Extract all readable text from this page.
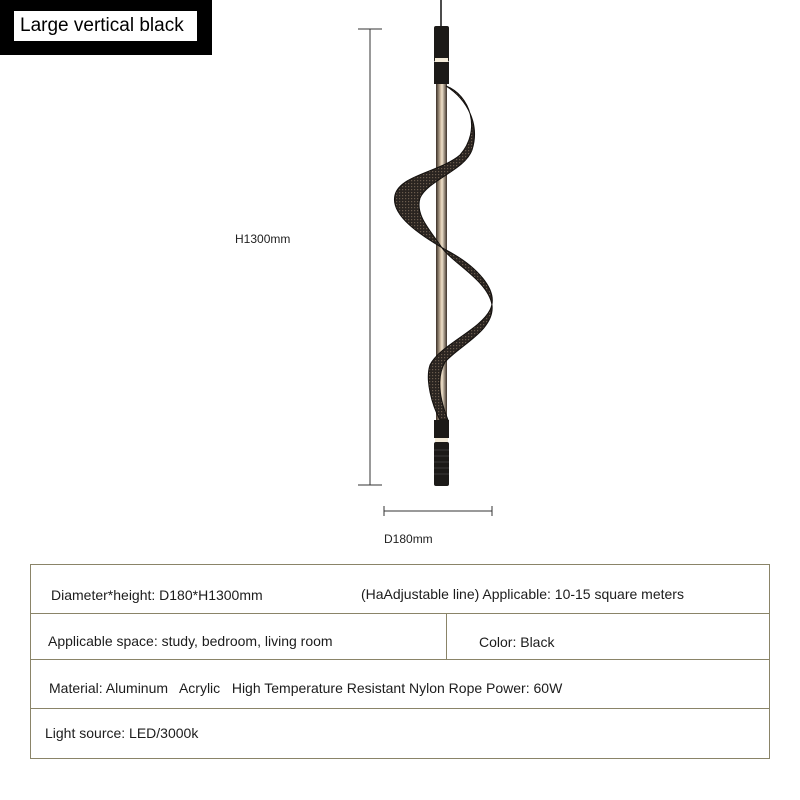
Large vertical black
H1300mm
D180mm
Diameter*height: D180*H1300mm	(HaAdjustable line) Applicable: 10-15 square meters
Applicable space: study, bedroom, living room	Color: Black
Material: Aluminum   Acrylic   High Temperature Resistant Nylon Rope Power: 60W
Light source: LED/3000k
